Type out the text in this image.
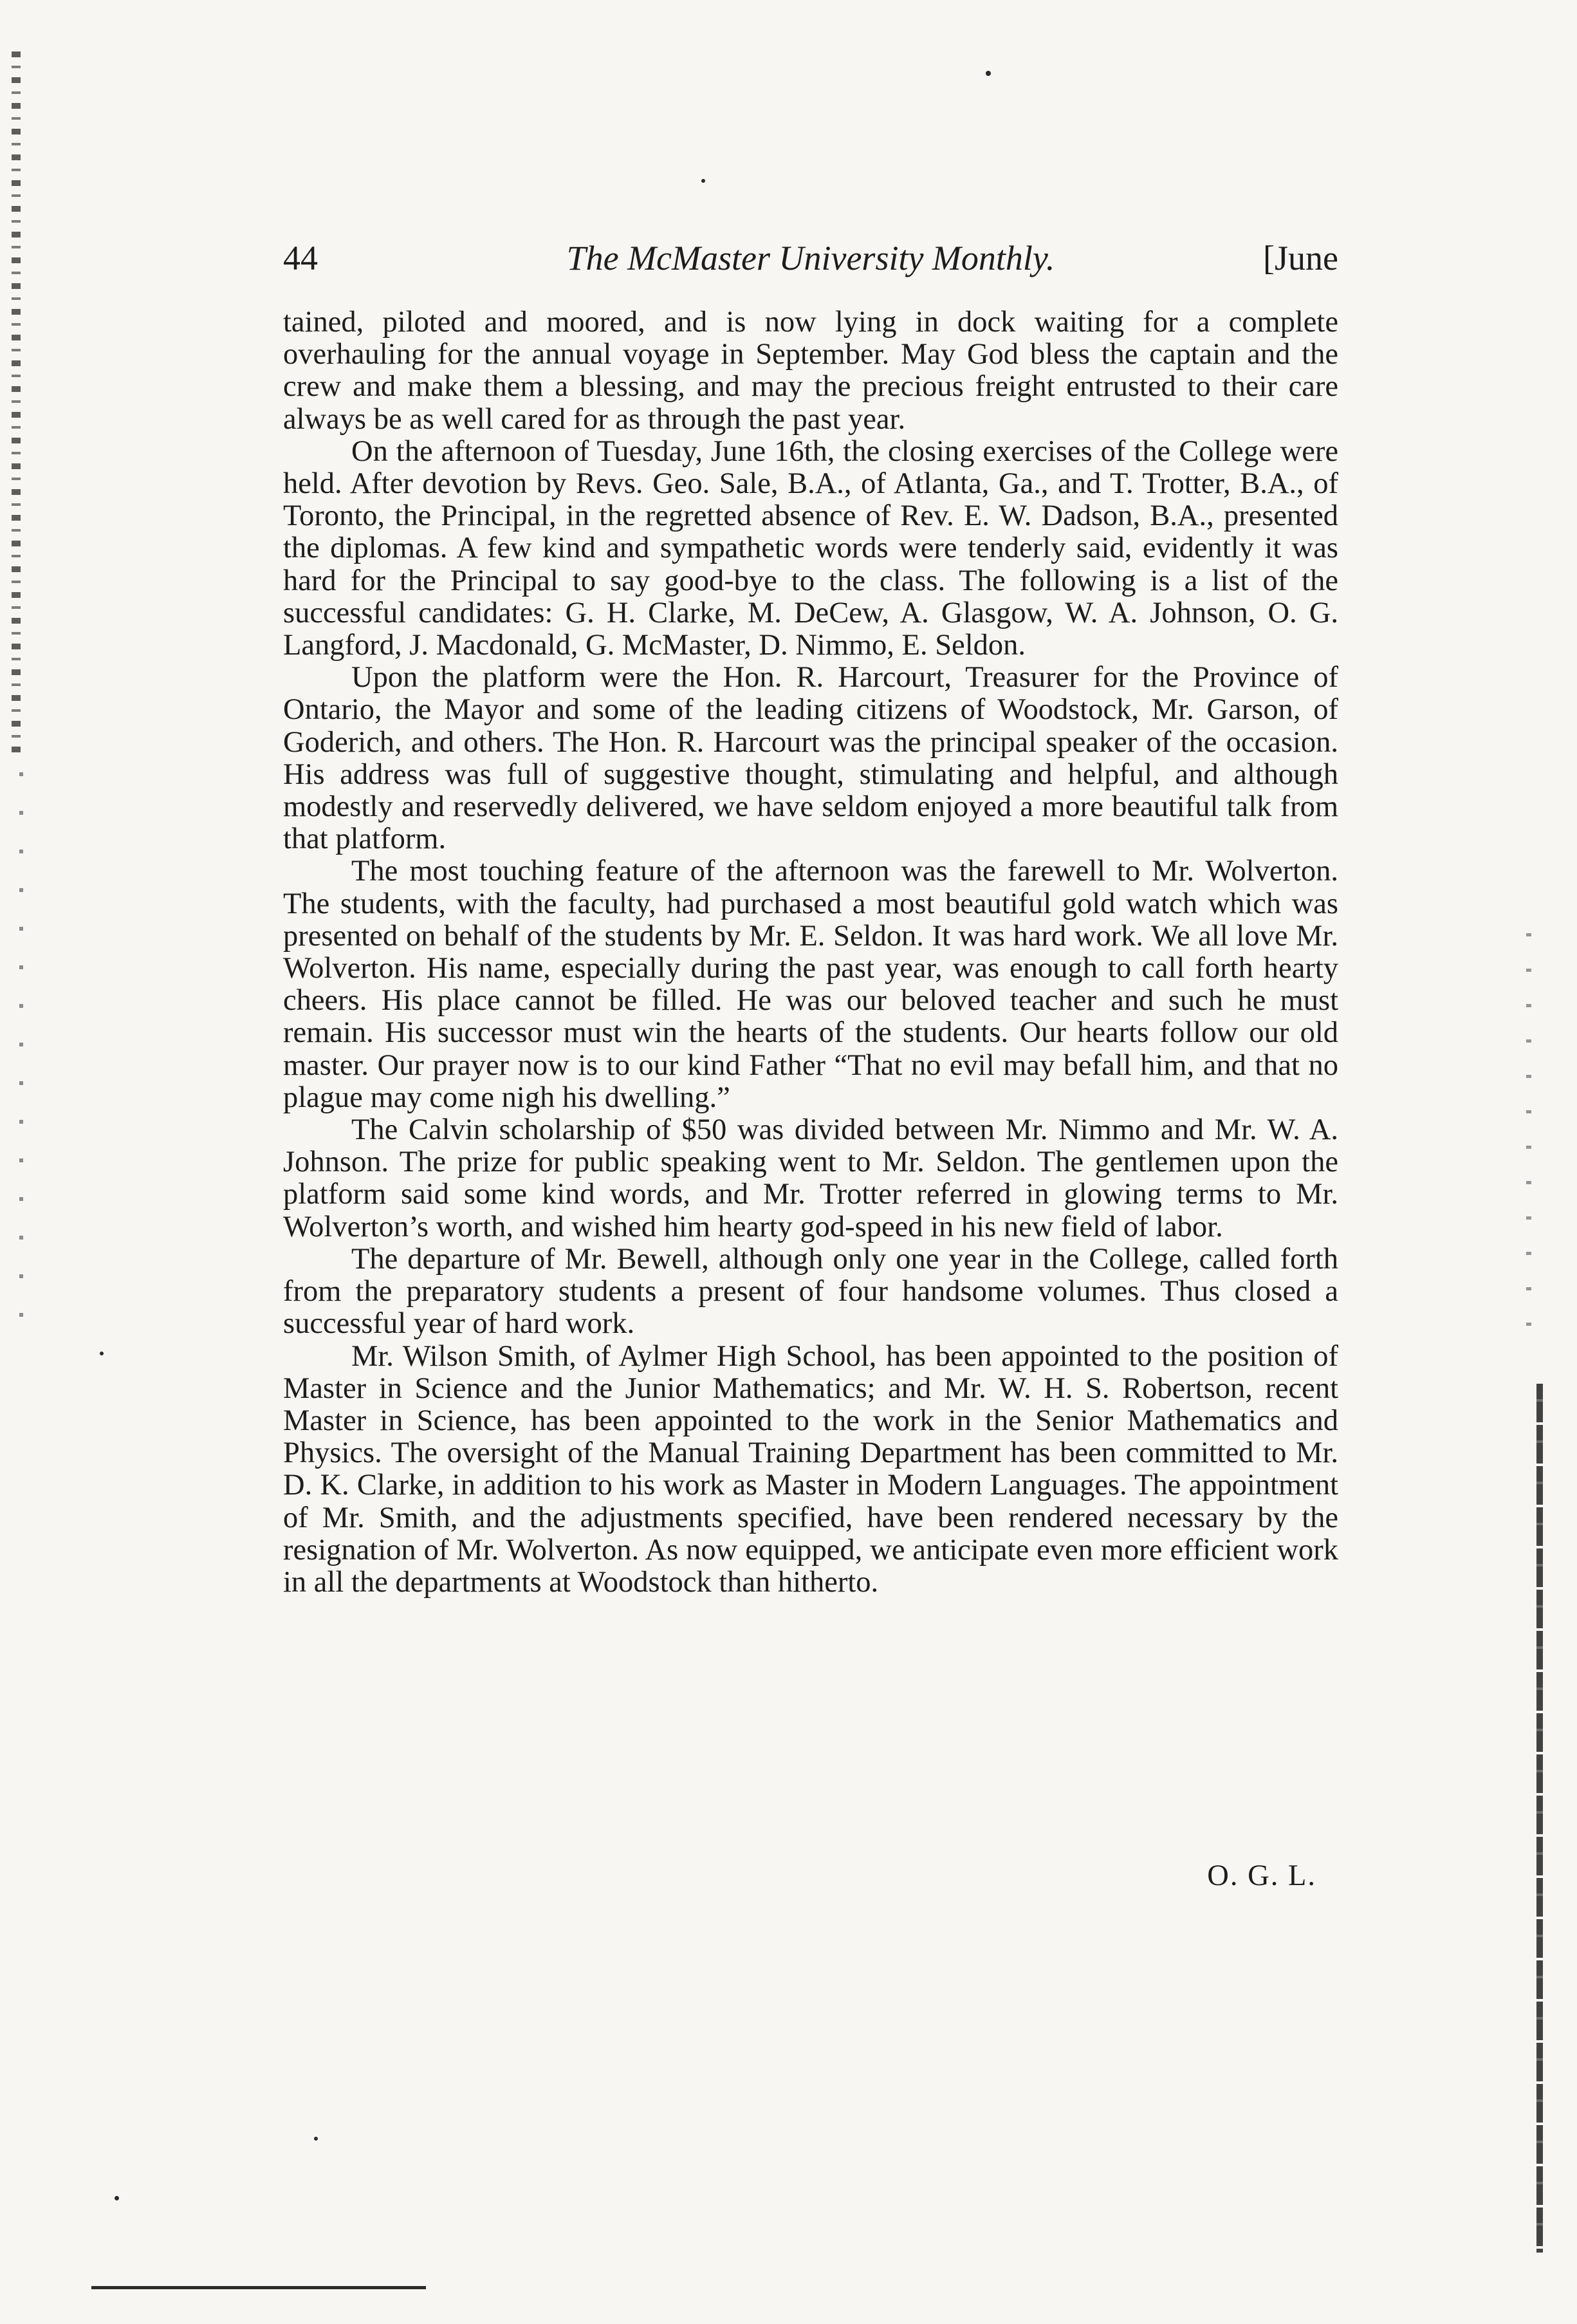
44	The McMaster University Monthly.	[June

tained, piloted and moored, and is now lying in dock waiting for a complete overhauling for the annual voyage in September. May God bless the captain and the crew and make them a blessing, and may the precious freight entrusted to their care always be as well cared for as through the past year.

On the afternoon of Tuesday, June 16th, the closing exercises of the College were held. After devotion by Revs. Geo. Sale, B.A., of Atlanta, Ga., and T. Trotter, B.A., of Toronto, the Principal, in the regretted absence of Rev. E. W. Dadson, B.A., presented the diplomas. A few kind and sympathetic words were tenderly said, evidently it was hard for the Principal to say good-bye to the class. The following is a list of the successful candidates: G. H. Clarke, M. DeCew, A. Glasgow, W. A. Johnson, O. G. Langford, J. Macdonald, G. McMaster, D. Nimmo, E. Seldon.

Upon the platform were the Hon. R. Harcourt, Treasurer for the Province of Ontario, the Mayor and some of the leading citizens of Woodstock, Mr. Garson, of Goderich, and others. The Hon. R. Harcourt was the principal speaker of the occasion. His address was full of suggestive thought, stimulating and helpful, and although modestly and reservedly delivered, we have seldom enjoyed a more beautiful talk from that platform.

The most touching feature of the afternoon was the farewell to Mr. Wolverton. The students, with the faculty, had purchased a most beautiful gold watch which was presented on behalf of the students by Mr. E. Seldon. It was hard work. We all love Mr. Wolverton. His name, especially during the past year, was enough to call forth hearty cheers. His place cannot be filled. He was our beloved teacher and such he must remain. His successor must win the hearts of the students. Our hearts follow our old master. Our prayer now is to our kind Father “That no evil may befall him, and that no plague may come nigh his dwelling.”

The Calvin scholarship of $50 was divided between Mr. Nimmo and Mr. W. A. Johnson. The prize for public speaking went to Mr. Seldon. The gentlemen upon the platform said some kind words, and Mr. Trotter referred in glowing terms to Mr. Wolverton’s worth, and wished him hearty god-speed in his new field of labor.

The departure of Mr. Bewell, although only one year in the College, called forth from the preparatory students a present of four handsome volumes. Thus closed a successful year of hard work.

Mr. Wilson Smith, of Aylmer High School, has been appointed to the position of Master in Science and the Junior Mathematics; and Mr. W. H. S. Robertson, recent Master in Science, has been appointed to the work in the Senior Mathematics and Physics. The oversight of the Manual Training Department has been committed to Mr. D. K. Clarke, in addition to his work as Master in Modern Languages. The appointment of Mr. Smith, and the adjustments specified, have been rendered necessary by the resignation of Mr. Wolverton. As now equipped, we anticipate even more efficient work in all the departments at Woodstock than hitherto.

O. G. L.
